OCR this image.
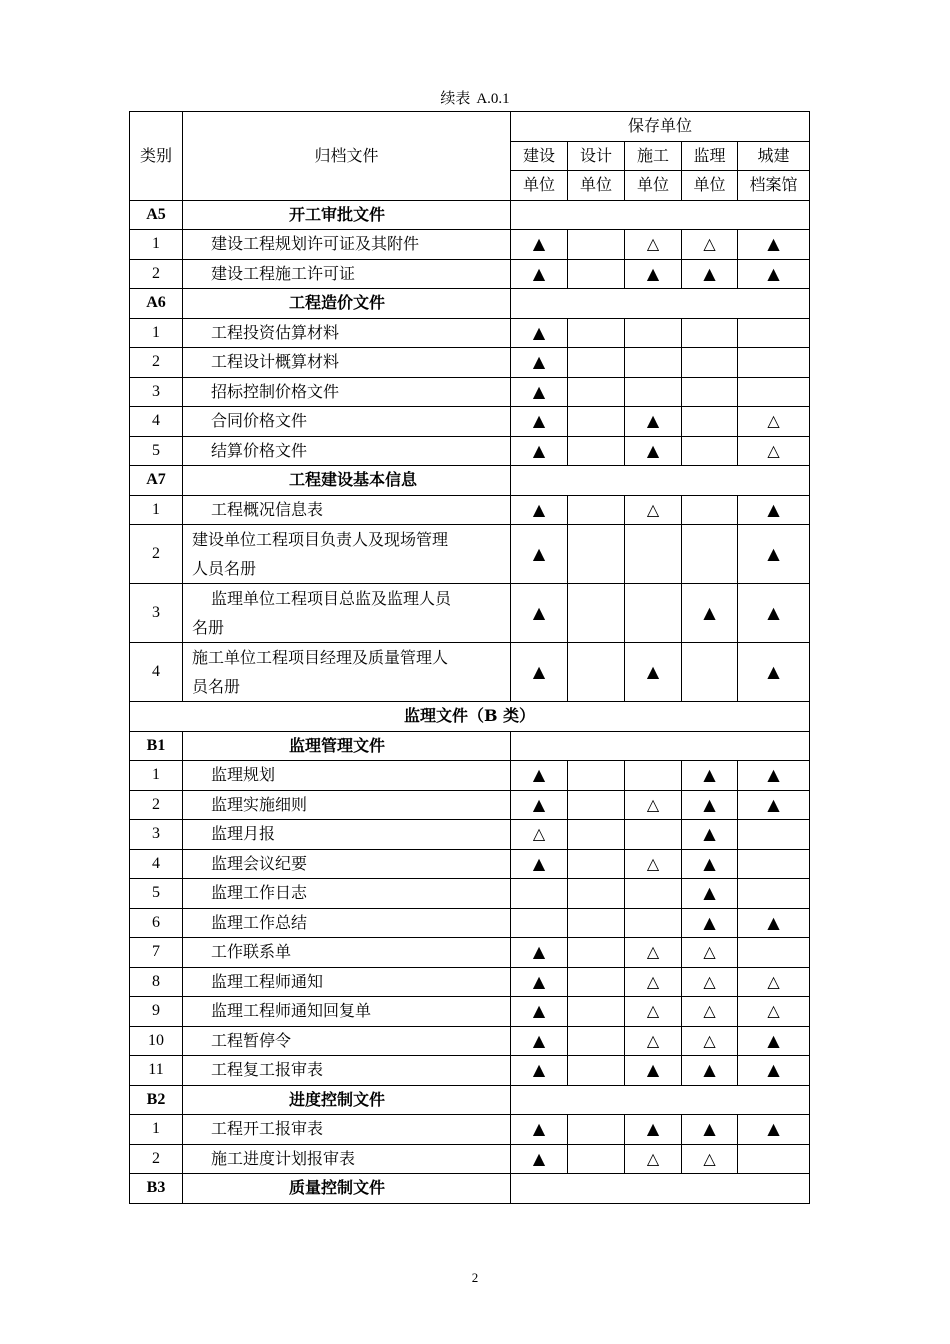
续表 A.0.1
类别	归档文件	保存单位				
		建设	设计	施工	监理	城建
		单位	单位	单位	单位	档案馆
A5	开工审批文件					
1	建设工程规划许可证及其附件	▲		△	△	▲
2	建设工程施工许可证	▲		▲	▲	▲
A6	工程造价文件					
1	工程投资估算材料	▲				
2	工程设计概算材料	▲				
3	招标控制价格文件	▲				
4	合同价格文件	▲		▲		△
5	结算价格文件	▲		▲		△
A7	工程建设基本信息					
1	工程概况信息表	▲		△		▲
2	建设单位工程项目负责人及现场管理
人员名册	▲				▲
3	监理单位工程项目总监及监理人员
名册	▲			▲	▲
4	施工单位工程项目经理及质量管理人
员名册	▲		▲		▲
监理文件（B 类）						
B1	监理管理文件					
1	监理规划	▲			▲	▲
2	监理实施细则	▲		△	▲	▲
3	监理月报	△			▲	
4	监理会议纪要	▲		△	▲	
5	监理工作日志				▲	
6	监理工作总结				▲	▲
7	工作联系单	▲		△	△	
8	监理工程师通知	▲		△	△	△
9	监理工程师通知回复单	▲		△	△	△
10	工程暂停令	▲		△	△	▲
11	工程复工报审表	▲		▲	▲	▲
B2	进度控制文件					
1	工程开工报审表	▲		▲	▲	▲
2	施工进度计划报审表	▲		△	△	
B3	质量控制文件					
2
